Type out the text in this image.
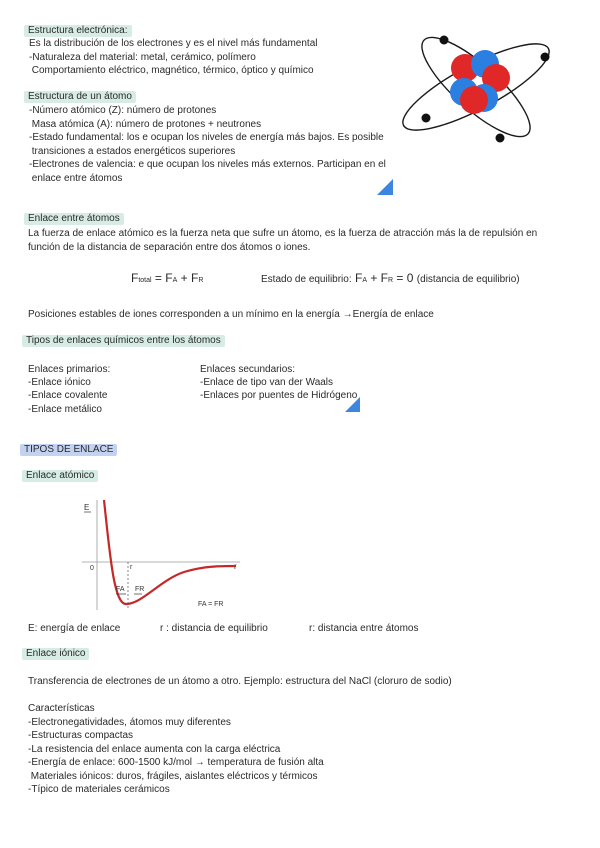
Estructura electrónica:
Es la distribución de los electrones y es el nivel más fundamental
-Naturaleza del material: metal, cerámico, polímero
Comportamiento eléctrico, magnético, térmico, óptico y químico
Estructura de un átomo
-Número atómico (Z): número de protones
Masa atómica (A): número de protones + neutrones
-Estado fundamental: los e ocupan los niveles de energía más bajos. Es posible
transiciones a estados energéticos superiores
-Electrones de valencia: e que ocupan los niveles más externos. Participan en el
enlace entre átomos
Enlace entre átomos
La fuerza de enlace atómico es la fuerza neta que sufre un átomo, es la fuerza de atracción más la de repulsión en
función de la distancia de separación entre dos átomos o iones.
Ftotal = FA + FR	Estado de equilibrio: FA + FR = 0 (distancia de equilibrio)
Posiciones estables de iones corresponden a un mínimo en la energía →Energía de enlace
Tipos de enlaces químicos entre los átomos
Enlaces primarios:
-Enlace iónico
-Enlace covalente
-Enlace metálico
Enlaces secundarios:
-Enlace de tipo van der Waals
-Enlaces por puentes de Hidrógeno
TIPOS DE ENLACE
Enlace atómico
E
0	r
r
FA FR
FA = FR
E: energía de enlace	r : distancia de equilibrio	r: distancia entre átomos
Enlace iónico
Transferencia de electrones de un átomo a otro. Ejemplo: estructura del NaCl (cloruro de sodio)
Características
-Electronegatividades, átomos muy diferentes
-Estructuras compactas
-La resistencia del enlace aumenta con la carga eléctrica
-Energía de enlace: 600-1500 kJ/mol → temperatura de fusión alta
Materiales iónicos: duros, frágiles, aislantes eléctricos y térmicos
-Típico de materiales cerámicos
